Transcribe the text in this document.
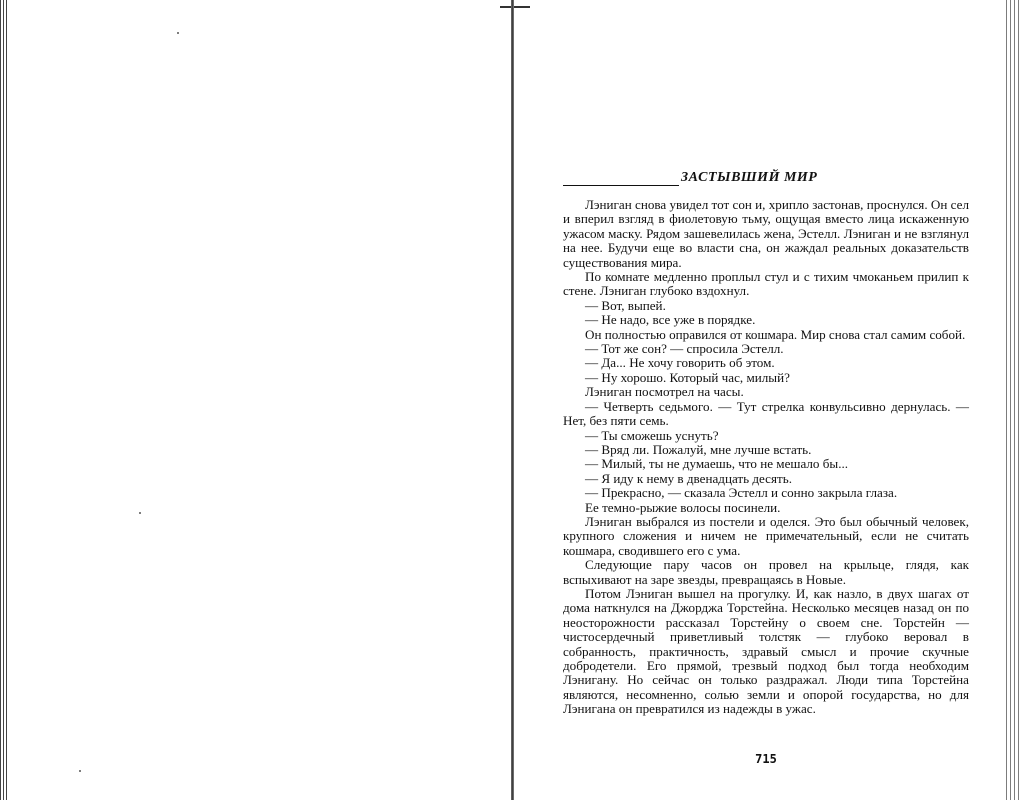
ЗАСТЫВШИЙ МИР

Лэниган снова увидел тот сон и, хрипло застонав, проснулся. Он сел и вперил взгляд в фиолетовую тьму, ощущая вместо лица искаженную ужасом маску. Рядом зашевелилась жена, Эстелл. Лэниган и не взглянул на нее. Будучи еще во власти сна, он жаждал реальных доказательств существования мира.

По комнате медленно проплыл стул и с тихим чмоканьем прилип к стене. Лэниган глубоко вздохнул.

— Вот, выпей.

— Не надо, все уже в порядке.

Он полностью оправился от кошмара. Мир снова стал самим собой.

— Тот же сон? — спросила Эстелл.

— Да... Не хочу говорить об этом.

— Ну хорошо. Который час, милый?

Лэниган посмотрел на часы.

— Четверть седьмого. — Тут стрелка конвульсивно дернулась. — Нет, без пяти семь.

— Ты сможешь уснуть?

— Вряд ли. Пожалуй, мне лучше встать.

— Милый, ты не думаешь, что не мешало бы...

— Я иду к нему в двенадцать десять.

— Прекрасно, — сказала Эстелл и сонно закрыла глаза.

Ее темно-рыжие волосы посинели.

Лэниган выбрался из постели и оделся. Это был обычный человек, крупного сложения и ничем не примечательный, если не считать кошмара, сводившего его с ума.

Следующие пару часов он провел на крыльце, глядя, как вспыхивают на заре звезды, превращаясь в Новые.

Потом Лэниган вышел на прогулку. И, как назло, в двух шагах от дома наткнулся на Джорджа Торстейна. Несколько месяцев назад он по неосторожности рассказал Торстейну о своем сне. Торстейн — чистосердечный приветливый толстяк — глубоко веровал в собранность, практичность, здравый смысл и прочие скучные добродетели. Его прямой, трезвый подход был тогда необходим Лэнигану. Но сейчас он только раздражал. Люди типа Торстейна являются, несомненно, солью земли и опорой государства, но для Лэнигана он превратился из надежды в ужас.

715
